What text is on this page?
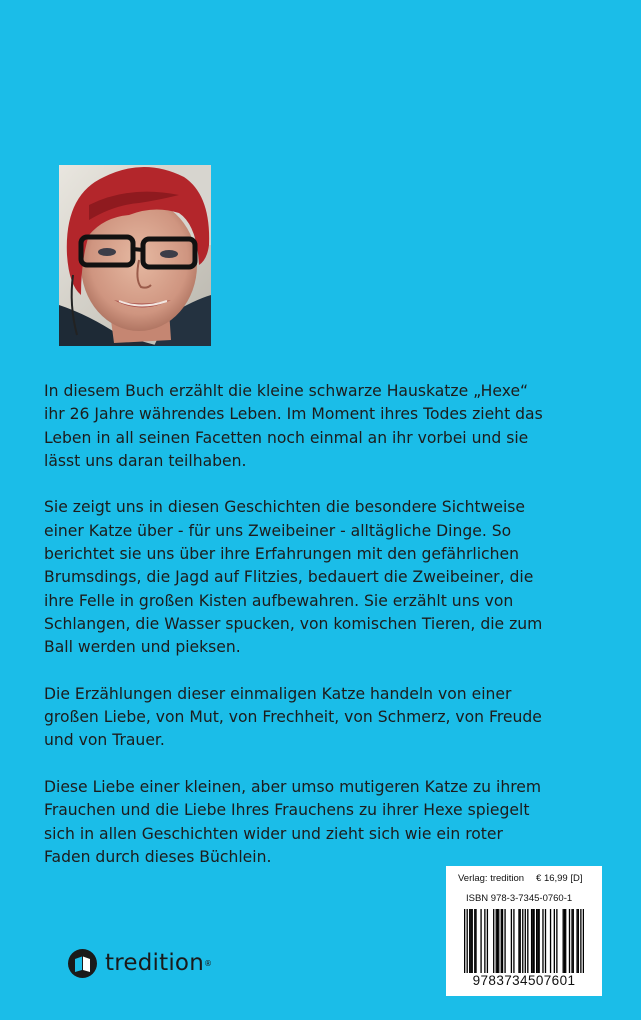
In diesem Buch erzählt die kleine schwarze Hauskatze „Hexe“
ihr 26 Jahre währendes Leben. Im Moment ihres Todes zieht das
Leben in all seinen Facetten noch einmal an ihr vorbei und sie
lässt uns daran teilhaben.

Sie zeigt uns in diesen Geschichten die besondere Sichtweise
einer Katze über - für uns Zweibeiner - alltägliche Dinge. So
berichtet sie uns über ihre Erfahrungen mit den gefährlichen
Brumsdings, die Jagd auf Flitzies, bedauert die Zweibeiner, die
ihre Felle in großen Kisten aufbewahren. Sie erzählt uns von
Schlangen, die Wasser spucken, von komischen Tieren, die zum
Ball werden und pieksen.

Die Erzählungen dieser einmaligen Katze handeln von einer
großen Liebe, von Mut, von Frechheit, von Schmerz, von Freude
und von Trauer.

Diese Liebe einer kleinen, aber umso mutigeren Katze zu ihrem
Frauchen und die Liebe Ihres Frauchens zu ihrer Hexe spiegelt
sich in allen Geschichten wider und zieht sich wie ein roter
Faden durch dieses Büchlein.

tredition ®
Verlag: tredition € 16,99 [D]
ISBN 978-3-7345-0760-1
9783734507601
